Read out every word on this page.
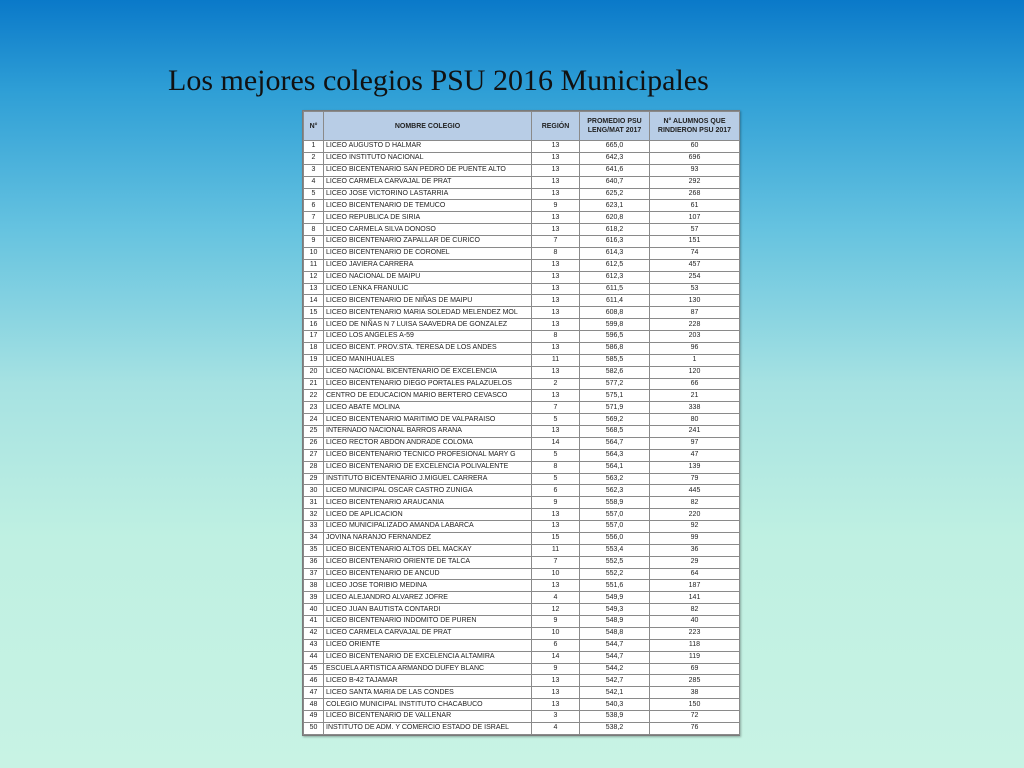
Los mejores colegios PSU 2016 Municipales
N°	NOMBRE COLEGIO	REGIÓN	PROMEDIO PSU LENG/MAT 2017	N° ALUMNOS QUE RINDIERON PSU 2017
1	LICEO AUGUSTO D HALMAR	13	665,0	60
2	LICEO INSTITUTO NACIONAL	13	642,3	696
3	LICEO BICENTENARIO SAN PEDRO DE PUENTE ALTO	13	641,6	93
4	LICEO CARMELA CARVAJAL DE PRAT	13	640,7	292
5	LICEO JOSE VICTORINO LASTARRIA	13	625,2	268
6	LICEO BICENTENARIO DE TEMUCO	9	623,1	61
7	LICEO REPUBLICA DE SIRIA	13	620,8	107
8	LICEO CARMELA SILVA DONOSO	13	618,2	57
9	LICEO BICENTENARIO ZAPALLAR DE CURICO	7	616,3	151
10	LICEO BICENTENARIO DE CORONEL	8	614,3	74
11	LICEO JAVIERA CARRERA	13	612,5	457
12	LICEO NACIONAL DE MAIPU	13	612,3	254
13	LICEO LENKA FRANULIC	13	611,5	53
14	LICEO BICENTENARIO DE NIÑAS DE MAIPU	13	611,4	130
15	LICEO BICENTENARIO MARIA SOLEDAD MELENDEZ MOL	13	608,8	87
16	LICEO DE NIÑAS N 7 LUISA SAAVEDRA DE GONZALEZ	13	599,8	228
17	LICEO LOS ANGELES A-59	8	596,5	203
18	LICEO BICENT. PROV.STA. TERESA DE LOS ANDES	13	586,8	96
19	LICEO MANIHUALES	11	585,5	1
20	LICEO NACIONAL BICENTENARIO DE EXCELENCIA	13	582,6	120
21	LICEO BICENTENARIO DIEGO PORTALES PALAZUELOS	2	577,2	66
22	CENTRO DE EDUCACION MARIO BERTERO CEVASCO	13	575,1	21
23	LICEO ABATE MOLINA	7	571,9	338
24	LICEO BICENTENARIO MARITIMO DE VALPARAISO	5	569,2	80
25	INTERNADO NACIONAL BARROS ARANA	13	568,5	241
26	LICEO RECTOR ABDON ANDRADE COLOMA	14	564,7	97
27	LICEO BICENTENARIO TECNICO PROFESIONAL MARY G	5	564,3	47
28	LICEO BICENTENARIO DE EXCELENCIA POLIVALENTE	8	564,1	139
29	INSTITUTO BICENTENARIO J.MIGUEL CARRERA	5	563,2	79
30	LICEO MUNICIPAL OSCAR CASTRO ZUNIGA	6	562,3	445
31	LICEO BICENTENARIO ARAUCANIA	9	558,9	82
32	LICEO DE APLICACION	13	557,0	220
33	LICEO MUNICIPALIZADO AMANDA LABARCA	13	557,0	92
34	JOVINA NARANJO FERNANDEZ	15	556,0	99
35	LICEO BICENTENARIO ALTOS DEL MACKAY	11	553,4	36
36	LICEO BICENTENARIO ORIENTE DE TALCA	7	552,5	29
37	LICEO BICENTENARIO DE ANCUD	10	552,2	64
38	LICEO JOSE TORIBIO MEDINA	13	551,6	187
39	LICEO ALEJANDRO ALVAREZ JOFRE	4	549,9	141
40	LICEO JUAN BAUTISTA CONTARDI	12	549,3	82
41	LICEO BICENTENARIO INDOMITO DE PUREN	9	548,9	40
42	LICEO CARMELA CARVAJAL DE PRAT	10	548,8	223
43	LICEO ORIENTE	6	544,7	118
44	LICEO BICENTENARIO DE EXCELENCIA ALTAMIRA	14	544,7	119
45	ESCUELA ARTISTICA ARMANDO DUFEY BLANC	9	544,2	69
46	LICEO B-42 TAJAMAR	13	542,7	285
47	LICEO SANTA MARIA DE LAS CONDES	13	542,1	38
48	COLEGIO MUNICIPAL INSTITUTO CHACABUCO	13	540,3	150
49	LICEO BICENTENARIO DE VALLENAR	3	538,9	72
50	INSTITUTO DE ADM. Y COMERCIO ESTADO DE ISRAEL	4	538,2	76
